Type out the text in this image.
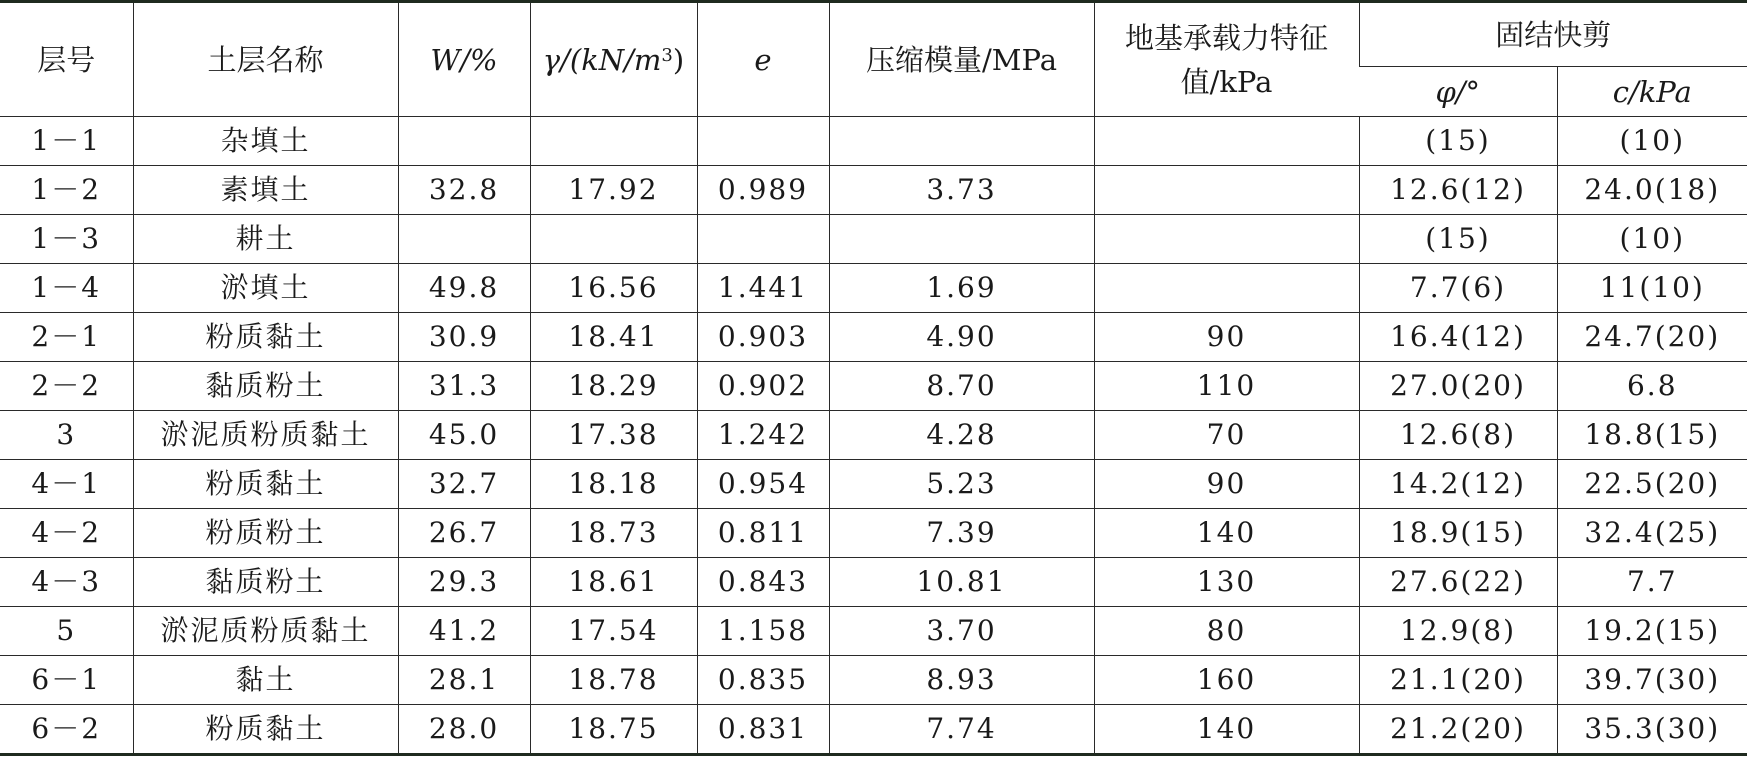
层号	土层名称	W/%	$\gamma/(kN/m^3)$	e	压缩模量/MPa	地基承载力特征值/kPa	固结快剪	
							φ/°	c/kPa
1－1	杂填土						(15)	(10)
1－2	素填土	32.8	17.92	0.989	3.73		12.6(12)	24.0(18)
1－3	耕土						(15)	(10)
1－4	淤填土	49.8	16.56	1.441	1.69		7.7(6)	11(10)
2－1	粉质黏土	30.9	18.41	0.903	4.90	90	16.4(12)	24.7(20)
2－2	黏质粉土	31.3	18.29	0.902	8.70	110	27.0(20)	6.8
3	淤泥质粉质黏土	45.0	17.38	1.242	4.28	70	12.6(8)	18.8(15)
4－1	粉质黏土	32.7	18.18	0.954	5.23	90	14.2(12)	22.5(20)
4－2	粉质粉土	26.7	18.73	0.811	7.39	140	18.9(15)	32.4(25)
4－3	黏质粉土	29.3	18.61	0.843	10.81	130	27.6(22)	7.7
5	淤泥质粉质黏土	41.2	17.54	1.158	3.70	80	12.9(8)	19.2(15)
6－1	黏土	28.1	18.78	0.835	8.93	160	21.1(20)	39.7(30)
6－2	粉质黏土	28.0	18.75	0.831	7.74	140	21.2(20)	35.3(30)
